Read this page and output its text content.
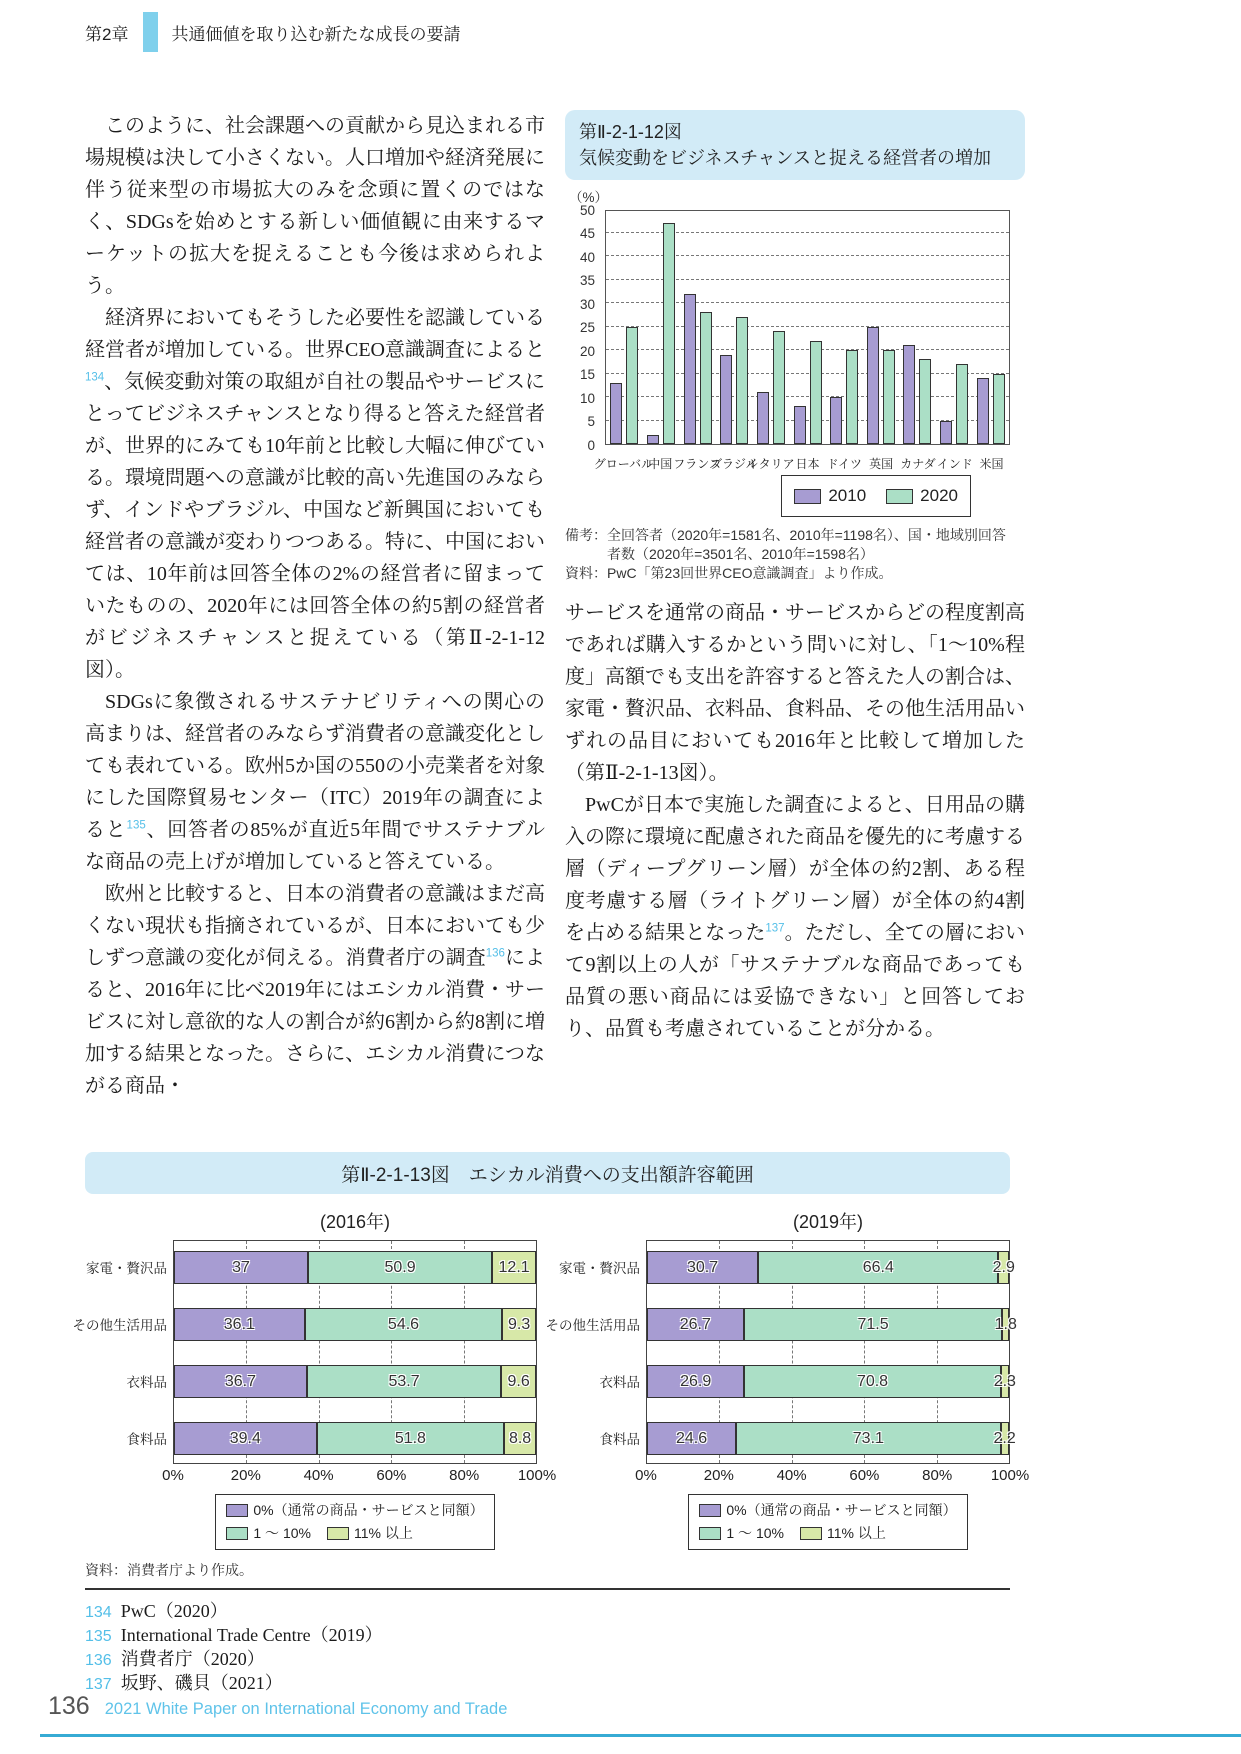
第2章	共通価値を取り込む新たな成長の要請

このように、社会課題への貢献から見込まれる市場規模は決して小さくない。人口増加や経済発展に伴う従来型の市場拡大のみを念頭に置くのではなく、SDGsを始めとする新しい価値観に由来するマーケットの拡大を捉えることも今後は求められよう。

経済界においてもそうした必要性を認識している経営者が増加している。世界CEO意識調査によると$^{134}$、気候変動対策の取組が自社の製品やサービスにとってビジネスチャンスとなり得ると答えた経営者が、世界的にみても10年前と比較し大幅に伸びている。環境問題への意識が比較的高い先進国のみならず、インドやブラジル、中国など新興国においても経営者の意識が変わりつつある。特に、中国においては、10年前は回答全体の2%の経営者に留まっていたものの、2020年には回答全体の約5割の経営者がビジネスチャンスと捉えている（第Ⅱ-2-1-12図）。

SDGsに象徴されるサステナビリティへの関心の高まりは、経営者のみならず消費者の意識変化としても表れている。欧州5か国の550の小売業者を対象にした国際貿易センター（ITC）2019年の調査によると$^{135}$、回答者の85%が直近5年間でサステナブルな商品の売上げが増加していると答えている。

欧州と比較すると、日本の消費者の意識はまだ高くない現状も指摘されているが、日本においても少しずつ意識の変化が伺える。消費者庁の調査$^{136}$によると、2016年に比べ2019年にはエシカル消費・サービスに対し意欲的な人の割合が約6割から約8割に増加する結果となった。さらに、エシカル消費につながる商品・

第Ⅱ-2-1-12図
気候変動をビジネスチャンスと捉える経営者の増加
（%）
0
5
10
15
20
25
30
35
40
45
50
グローバル
中国 フランス
ブラジル
イタリア 日本 ドイツ 英国 カナダ インド 米国
2010	2020
備考：全回答者（2020年=1581名、2010年=1198名）、国・地域別回答者数（2020年=3501名、2010年=1598名）
資料：PwC「第23回世界CEO意識調査」より作成。

サービスを通常の商品・サービスからどの程度割高であれば購入するかという問いに対し、「1～10%程度」高額でも支出を許容すると答えた人の割合は、家電・贅沢品、衣料品、食料品、その他生活用品いずれの品目においても2016年と比較して増加した（第Ⅱ-2-1-13図）。

PwCが日本で実施した調査によると、日用品の購入の際に環境に配慮された商品を優先的に考慮する層（ディープグリーン層）が全体の約2割、ある程度考慮する層（ライトグリーン層）が全体の約4割を占める結果となった$^{137}$。ただし、全ての層において9割以上の人が「サステナブルな商品であっても品質の悪い商品には妥協できない」と回答しており、品質も考慮されていることが分かる。

第Ⅱ-2-1-13図　エシカル消費への支出額許容範囲
(2016年)
家電・贅沢品
その他生活用品
衣料品
食料品
37	50.9	12.1
36.1	54.6	9.3
36.7	53.7	9.6
39.4	51.8	8.8
0%	20%	40%	60%	80%	100%
0%（通常の商品・サービスと同額）
1 ～ 10%	11% 以上
(2019年)
家電・贅沢品
その他生活用品
衣料品
食料品
30.7	66.4	2.9
26.7	71.5	1.8
26.9	70.8	2.3
24.6	73.1	2.2
0%	20%	40%	60%	80%	100%
0%（通常の商品・サービスと同額）
1 ～ 10%	11% 以上
資料：消費者庁より作成。
134 PwC（2020）
135 International Trade Centre（2019）
136 消費者庁（2020）
137 坂野、磯貝（2021）
136 2021 White Paper on International Economy and Trade
